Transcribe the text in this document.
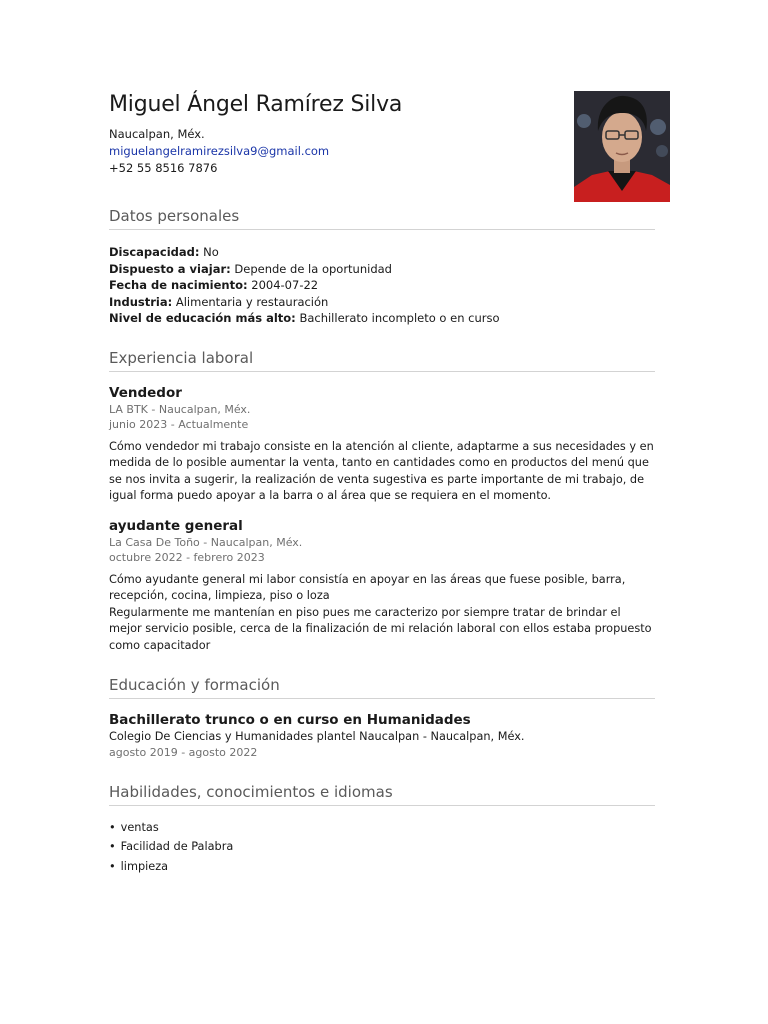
Miguel Ángel Ramírez Silva
Naucalpan, Méx.
miguelangelramirezsilva9@gmail.com
+52 55 8516 7876
Datos personales
Discapacidad: No
Dispuesto a viajar: Depende de la oportunidad
Fecha de nacimiento: 2004-07-22
Industria: Alimentaria y restauración
Nivel de educación más alto: Bachillerato incompleto o en curso
Experiencia laboral
Vendedor
LA BTK - Naucalpan, Méx.
junio 2023 - Actualmente
Cómo vendedor mi trabajo consiste en la atención al cliente, adaptarme a sus necesidades y en medida de lo posible aumentar la venta, tanto en cantidades como en productos del menú que se nos invita a sugerir, la realización de venta sugestiva es parte importante de mi trabajo, de igual forma puedo apoyar a la barra o al área que se requiera en el momento.
ayudante general
La Casa De Toño - Naucalpan, Méx.
octubre 2022 - febrero 2023
Cómo ayudante general mi labor consistía en apoyar en las áreas que fuese posible, barra, recepción, cocina, limpieza, piso o loza
Regularmente me mantenían en piso pues me caracterizo por siempre tratar de brindar el mejor servicio posible, cerca de la finalización de mi relación laboral con ellos estaba propuesto como capacitador
Educación y formación
Bachillerato trunco o en curso en Humanidades
Colegio De Ciencias y Humanidades plantel Naucalpan - Naucalpan, Méx.
agosto 2019 - agosto 2022
Habilidades, conocimientos e idiomas
• ventas
• Facilidad de Palabra
• limpieza
